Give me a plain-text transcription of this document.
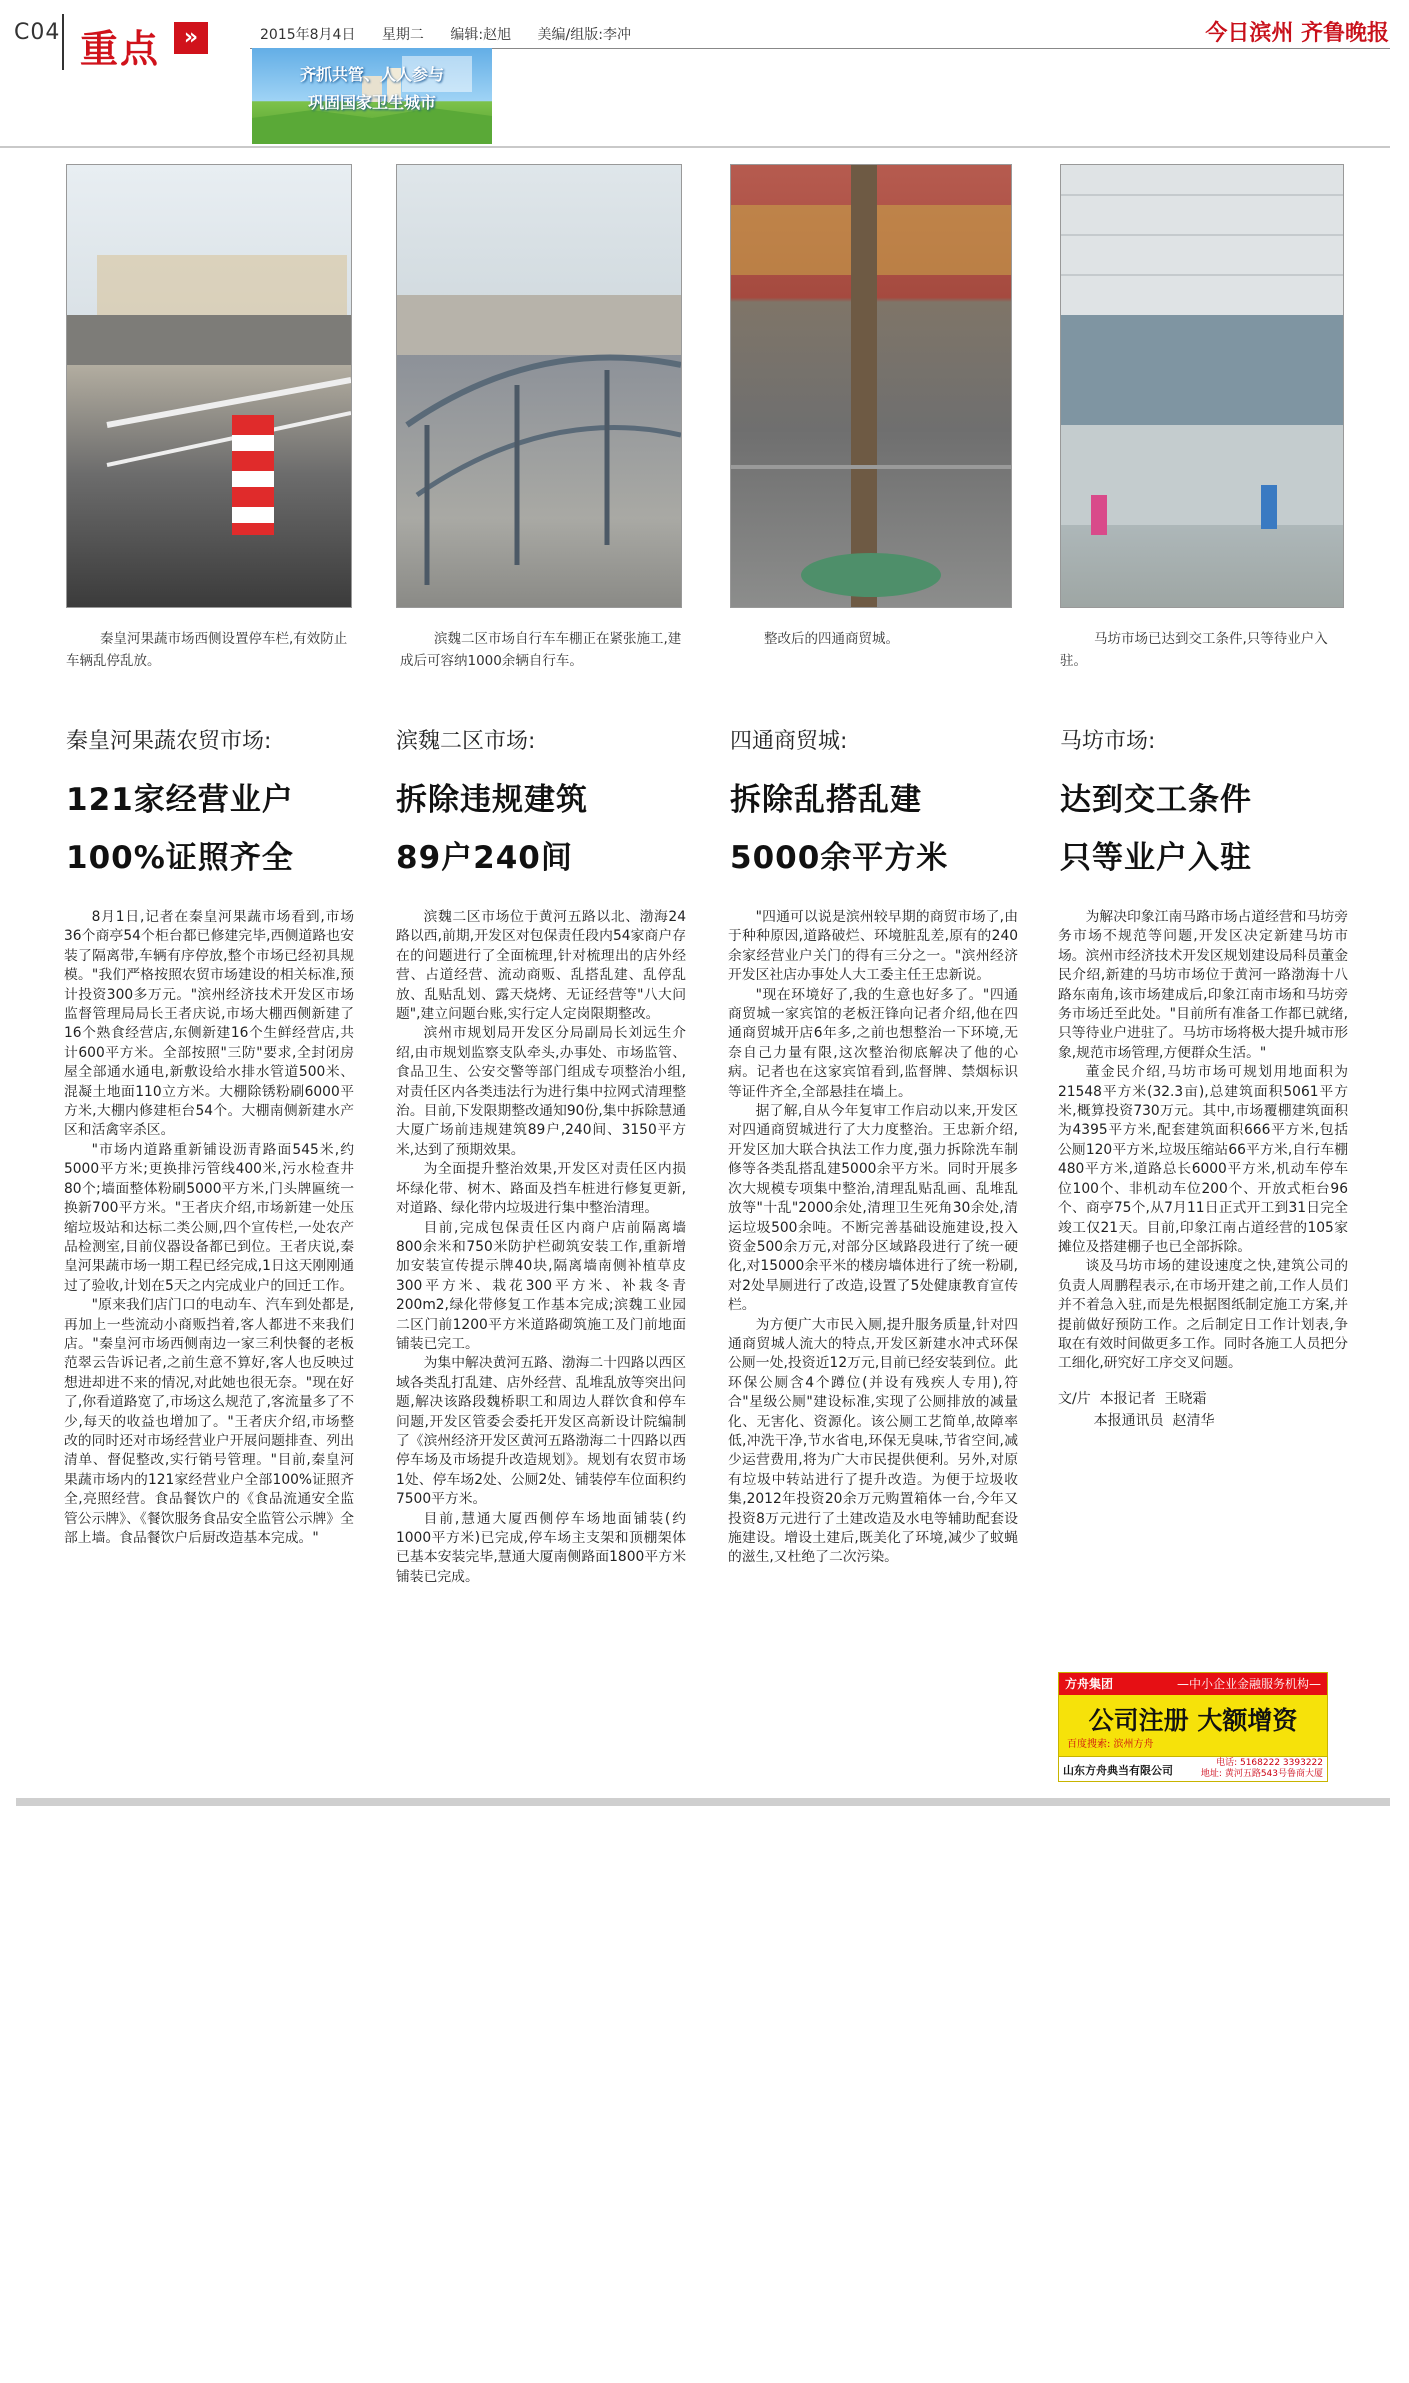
C04 重点	»	2015年8月4日 星期二 编辑:赵旭 美编/组版:李冲	今日滨州 齐鲁晚报
齐抓共管、人人参与
巩固国家卫生城市
秦皇河果蔬市场西侧设置停车栏,有效防止车辆乱停乱放。
滨魏二区市场自行车车棚正在紧张施工,建成后可容纳1000余辆自行车。
整改后的四通商贸城。	马坊市场已达到交工条件,只等待业户入驻。
秦皇河果蔬农贸市场:
121家经营业户
100%证照齐全
滨魏二区市场:
拆除违规建筑
89户240间
四通商贸城:
拆除乱搭乱建
5000余平方米
马坊市场:
达到交工条件
只等业户入驻

8月1日,记者在秦皇河果蔬市场看到,市场36个商亭54个柜台都已修建完毕,西侧道路也安装了隔离带,车辆有序停放,整个市场已经初具规模。"我们严格按照农贸市场建设的相关标准,预计投资300多万元。"滨州经济技术开发区市场监督管理局局长王者庆说,市场大棚西侧新建了16个熟食经营店,东侧新建16个生鲜经营店,共计600平方米。全部按照"三防"要求,全封闭房屋全部通水通电,新敷设给水排水管道500米、混凝土地面110立方米。大棚除锈粉刷6000平方米,大棚内修建柜台54个。大棚南侧新建水产区和活禽宰杀区。

"市场内道路重新铺设沥青路面545米,约5000平方米;更换排污管线400米,污水检查井80个;墙面整体粉刷5000平方米,门头牌匾统一换新700平方米。"王者庆介绍,市场新建一处压缩垃圾站和达标二类公厕,四个宣传栏,一处农产品检测室,目前仪器设备都已到位。王者庆说,秦皇河果蔬市场一期工程已经完成,1日这天刚刚通过了验收,计划在5天之内完成业户的回迁工作。

"原来我们店门口的电动车、汽车到处都是,再加上一些流动小商贩挡着,客人都进不来我们店。"秦皇河市场西侧南边一家三利快餐的老板范翠云告诉记者,之前生意不算好,客人也反映过想进却进不来的情况,对此她也很无奈。"现在好了,你看道路宽了,市场这么规范了,客流量多了不少,每天的收益也增加了。"王者庆介绍,市场整改的同时还对市场经营业户开展问题排查、列出清单、督促整改,实行销号管理。"目前,秦皇河果蔬市场内的121家经营业户全部100%证照齐全,亮照经营。食品餐饮户的《食品流通安全监管公示牌》、《餐饮服务食品安全监管公示牌》全部上墙。食品餐饮户后厨改造基本完成。"

滨魏二区市场位于黄河五路以北、渤海24路以西,前期,开发区对包保责任段内54家商户存在的问题进行了全面梳理,针对梳理出的店外经营、占道经营、流动商贩、乱搭乱建、乱停乱放、乱贴乱划、露天烧烤、无证经营等"八大问题",建立问题台账,实行定人定岗限期整改。

滨州市规划局开发区分局副局长刘远生介绍,由市规划监察支队牵头,办事处、市场监管、食品卫生、公安交警等部门组成专项整治小组,对责任区内各类违法行为进行集中拉网式清理整治。目前,下发限期整改通知90份,集中拆除慧通大厦广场前违规建筑89户,240间、3150平方米,达到了预期效果。

为全面提升整治效果,开发区对责任区内损坏绿化带、树木、路面及挡车桩进行修复更新,对道路、绿化带内垃圾进行集中整治清理。

目前,完成包保责任区内商户店前隔离墙800余米和750米防护栏砌筑安装工作,重新增加安装宣传提示牌40块,隔离墙南侧补植草皮300平方米、栽花300平方米、补栽冬青200m2,绿化带修复工作基本完成;滨魏工业园二区门前1200平方米道路砌筑施工及门前地面铺装已完工。

为集中解决黄河五路、渤海二十四路以西区域各类乱打乱建、店外经营、乱堆乱放等突出问题,解决该路段魏桥职工和周边人群饮食和停车问题,开发区管委会委托开发区高新设计院编制了《滨州经济开发区黄河五路渤海二十四路以西停车场及市场提升改造规划》。规划有农贸市场1处、停车场2处、公厕2处、铺装停车位面积约7500平方米。

目前,慧通大厦西侧停车场地面铺装(约1000平方米)已完成,停车场主支架和顶棚架体已基本安装完毕,慧通大厦南侧路面1800平方米铺装已完成。

"四通可以说是滨州较早期的商贸市场了,由于种种原因,道路破烂、环境脏乱差,原有的240余家经营业户关门的得有三分之一。"滨州经济开发区社店办事处人大工委主任王忠新说。

"现在环境好了,我的生意也好多了。"四通商贸城一家宾馆的老板汪锋向记者介绍,他在四通商贸城开店6年多,之前也想整治一下环境,无奈自己力量有限,这次整治彻底解决了他的心病。记者也在这家宾馆看到,监督牌、禁烟标识等证件齐全,全部悬挂在墙上。

据了解,自从今年复审工作启动以来,开发区对四通商贸城进行了大力度整治。王忠新介绍,开发区加大联合执法工作力度,强力拆除洗车制修等各类乱搭乱建5000余平方米。同时开展多次大规模专项集中整治,清理乱贴乱画、乱堆乱放等"十乱"2000余处,清理卫生死角30余处,清运垃圾500余吨。不断完善基础设施建设,投入资金500余万元,对部分区域路段进行了统一硬化,对15000余平米的楼房墙体进行了统一粉刷,对2处旱厕进行了改造,设置了5处健康教育宣传栏。

为方便广大市民入厕,提升服务质量,针对四通商贸城人流大的特点,开发区新建水冲式环保公厕一处,投资近12万元,目前已经安装到位。此环保公厕含4个蹲位(并设有残疾人专用),符合"星级公厕"建设标准,实现了公厕排放的减量化、无害化、资源化。该公厕工艺简单,故障率低,冲洗干净,节水省电,环保无臭味,节省空间,减少运营费用,将为广大市民提供便利。另外,对原有垃圾中转站进行了提升改造。为便于垃圾收集,2012年投资20余万元购置箱体一台,今年又投资8万元进行了土建改造及水电等辅助配套设施建设。增设土建后,既美化了环境,减少了蚊蝇的滋生,又杜绝了二次污染。

为解决印象江南马路市场占道经营和马坊旁务市场不规范等问题,开发区决定新建马坊市场。滨州市经济技术开发区规划建设局科员董金民介绍,新建的马坊市场位于黄河一路渤海十八路东南角,该市场建成后,印象江南市场和马坊旁务市场迁至此处。"目前所有准备工作都已就绪,只等待业户进驻了。马坊市场将极大提升城市形象,规范市场管理,方便群众生活。"

董金民介绍,马坊市场可规划用地面积为21548平方米(32.3亩),总建筑面积5061平方米,概算投资730万元。其中,市场覆棚建筑面积为4395平方米,配套建筑面积666平方米,包括公厕120平方米,垃圾压缩站66平方米,自行车棚480平方米,道路总长6000平方米,机动车停车位100个、非机动车位200个、开放式柜台96个、商亭75个,从7月11日正式开工到31日完全竣工仅21天。目前,印象江南占道经营的105家摊位及搭建棚子也已全部拆除。

谈及马坊市场的建设速度之快,建筑公司的负责人周鹏程表示,在市场开建之前,工作人员们并不着急入驻,而是先根据图纸制定施工方案,并提前做好预防工作。之后制定日工作计划表,争取在有效时间做更多工作。同时各施工人员把分工细化,研究好工序交叉问题。

文/片  本报记者  王晓霜
本报通讯员  赵清华
方舟集团	—中小企业金融服务机构—
公司注册 大额增资
百度搜索: 滨州方舟
山东方舟典当有限公司
电话: 5168222 3393222
地址: 黄河五路543号鲁商大厦
